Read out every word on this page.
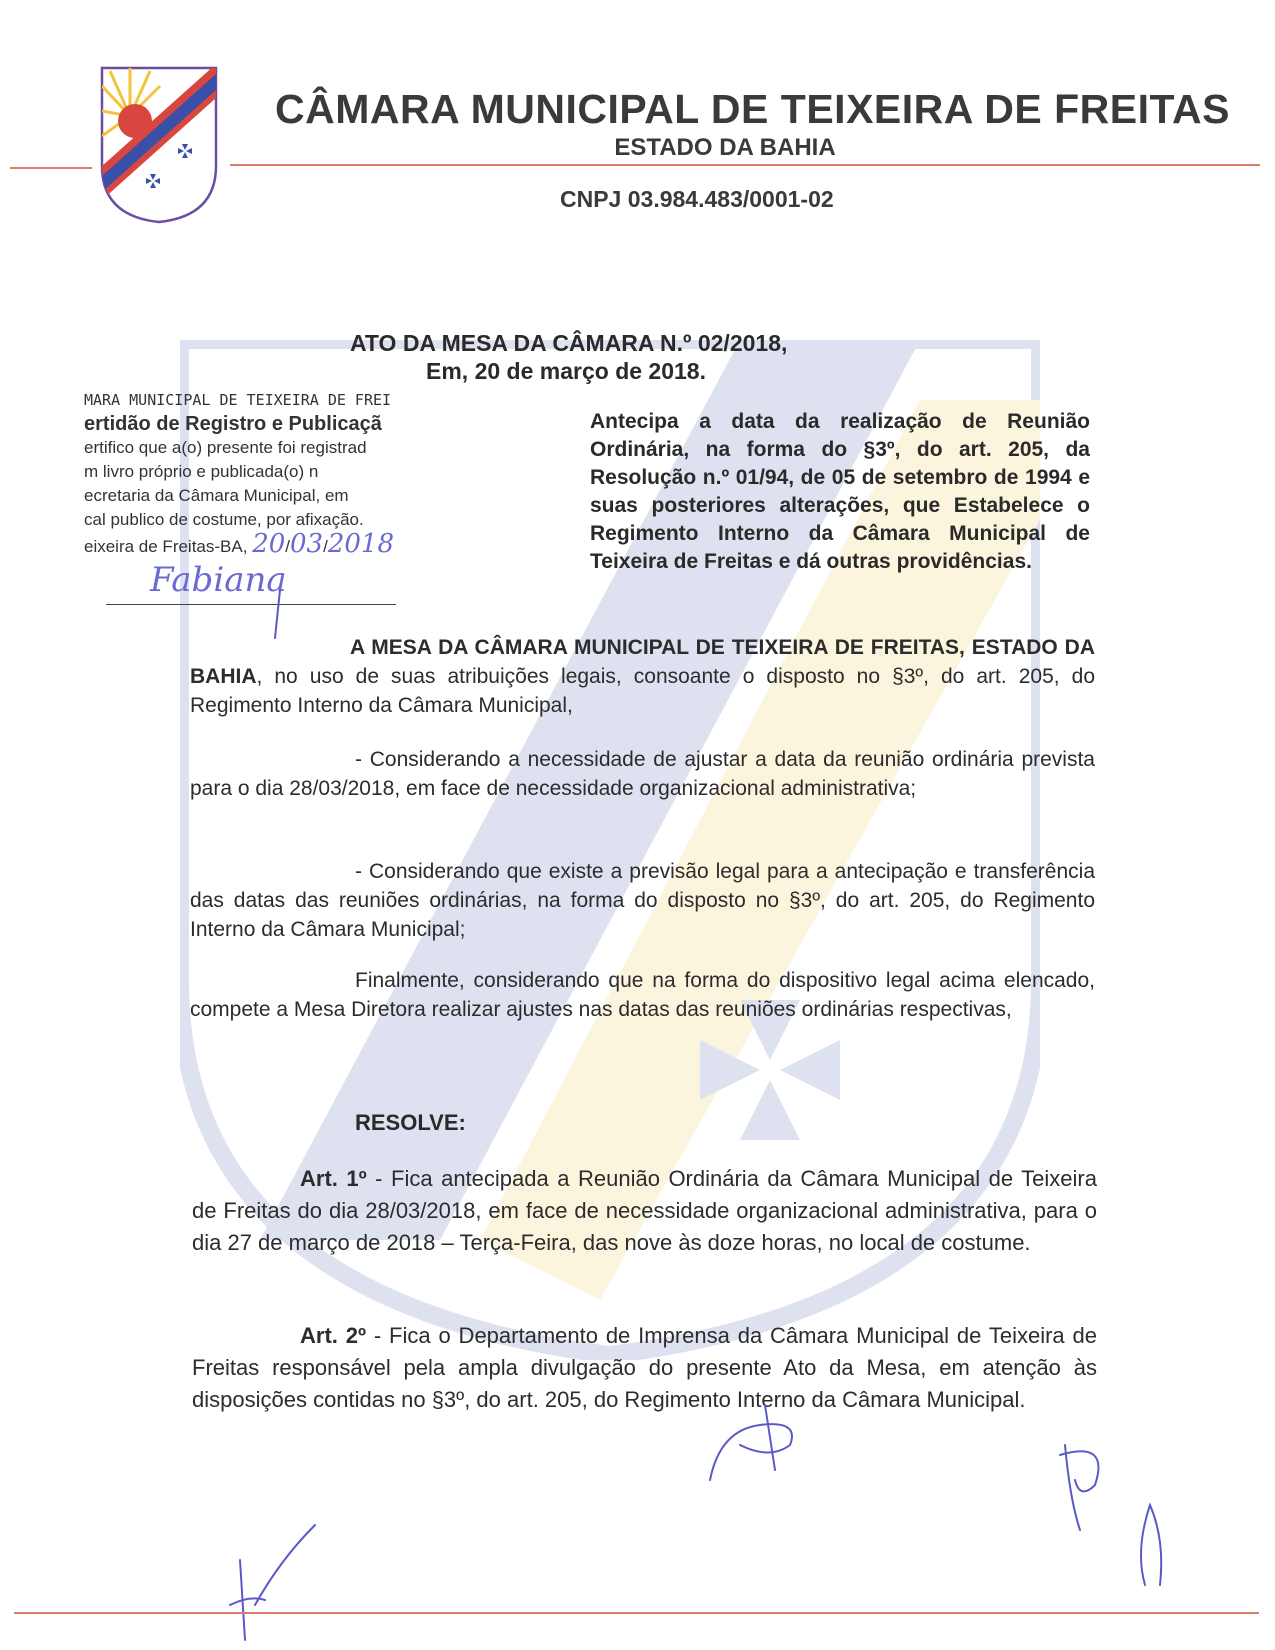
CÂMARA MUNICIPAL DE TEIXEIRA DE FREITAS
ESTADO DA BAHIA
CNPJ 03.984.483/0001-02
ATO DA MESA DA CÂMARA N.º 02/2018,
Em, 20 de março de 2018.
MARA MUNICIPAL DE TEIXEIRA DE FREI
ertidão de Registro e Publicaçã
ertifico que a(o) presente foi registrad
m livro próprio e publicada(o) n
ecretaria da Câmara Municipal, em
cal publico de costume, por afixação.
eixeira de Freitas-BA, 20/03/2018
Fabiana
Antecipa a data da realização de Reunião Ordinária, na forma do §3º, do art. 205, da Resolução n.º 01/94, de 05 de setembro de 1994 e suas posteriores alterações, que Estabelece o Regimento Interno da Câmara Municipal de Teixeira de Freitas e dá outras providências.
A MESA DA CÂMARA MUNICIPAL DE TEIXEIRA DE FREITAS, ESTADO DA BAHIA, no uso de suas atribuições legais, consoante o disposto no §3º, do art. 205, do Regimento Interno da Câmara Municipal,
- Considerando a necessidade de ajustar a data da reunião ordinária prevista para o dia 28/03/2018, em face de necessidade organizacional administrativa;
- Considerando que existe a previsão legal para a antecipação e transferência das datas das reuniões ordinárias, na forma do disposto no §3º, do art. 205, do Regimento Interno da Câmara Municipal;
Finalmente, considerando que na forma do dispositivo legal acima elencado, compete a Mesa Diretora realizar ajustes nas datas das reuniões ordinárias respectivas,
RESOLVE:
Art. 1º - Fica antecipada a Reunião Ordinária da Câmara Municipal de Teixeira de Freitas do dia 28/03/2018, em face de necessidade organizacional administrativa, para o dia 27 de março de 2018 – Terça-Feira, das nove às doze horas, no local de costume.
Art. 2º - Fica o Departamento de Imprensa da Câmara Municipal de Teixeira de Freitas responsável pela ampla divulgação do presente Ato da Mesa, em atenção às disposições contidas no §3º, do art. 205, do Regimento Interno da Câmara Municipal.
